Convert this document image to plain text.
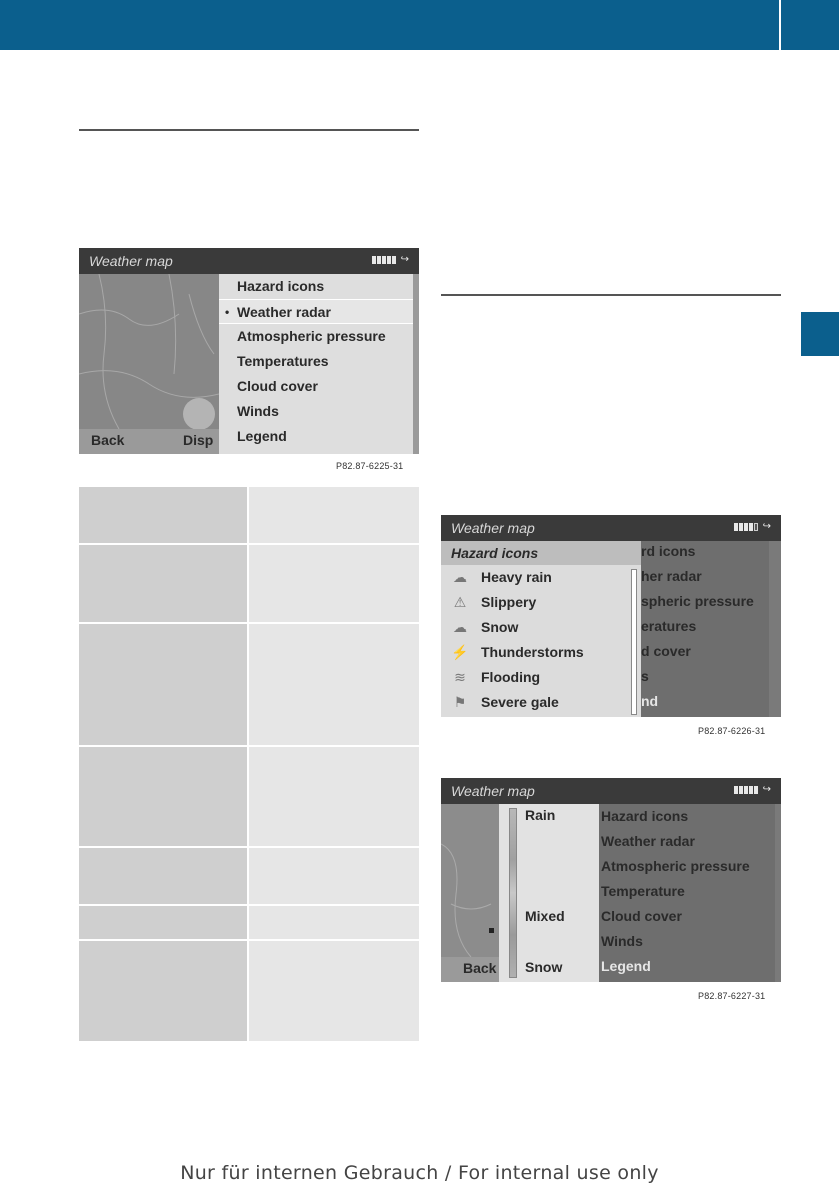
Weather map	↪
Back	Disp
Hazard icons
• Weather radar
Atmospheric pressure
Temperatures
Cloud cover
Winds
Legend
P82.87-6225-31
Weather map	↪
rd icons
her radar
spheric pressure
eratures
d cover
s
nd
Hazard icons
☁ Heavy rain
⚠ Slippery
☁ Snow
⚡ Thunderstorms
≋ Flooding
⚑ Severe gale
P82.87-6226-31
Weather map	↪
Back
Rain
Mixed
Snow
Hazard icons
Weather radar
Atmospheric pressure
Temperature
Cloud cover
Winds
Legend
P82.87-6227-31
Nur für internen Gebrauch / For internal use only
